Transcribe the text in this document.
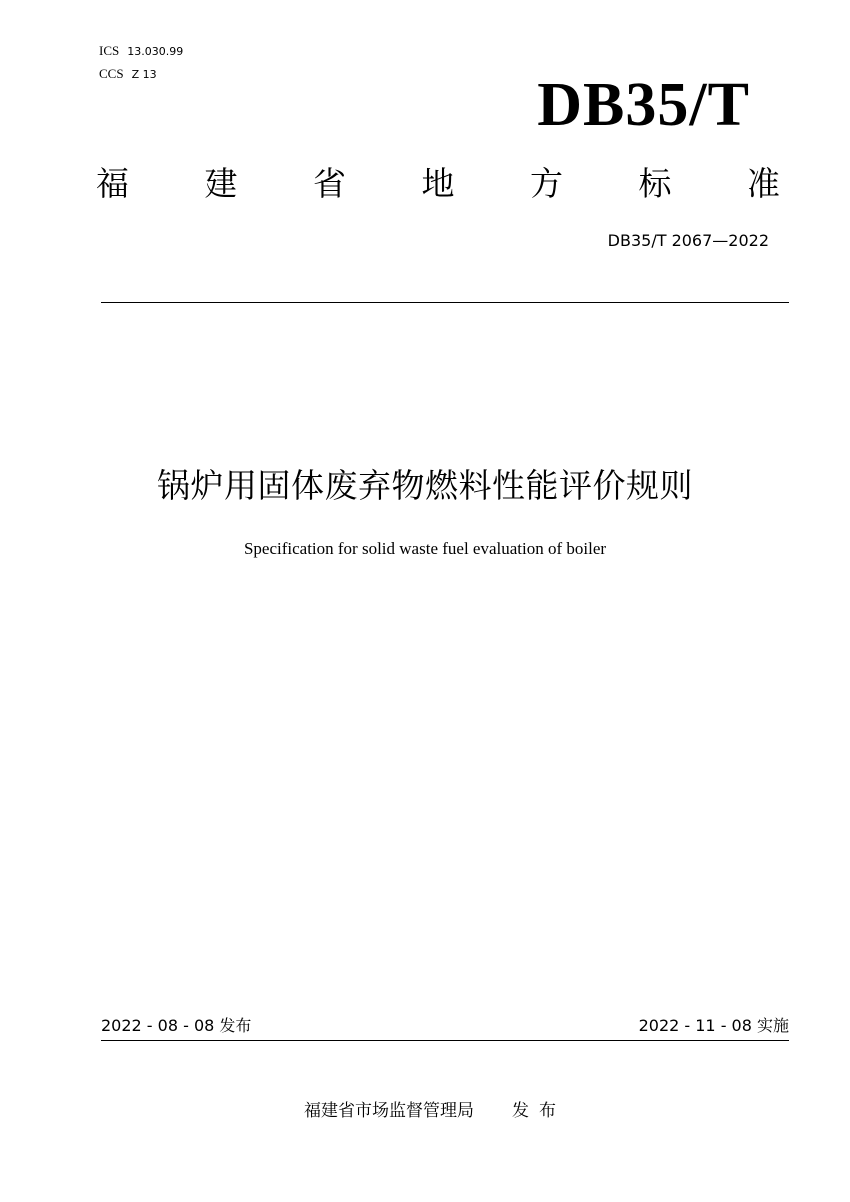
ICS 13.030.99
CCS Z 13	DB35/T
福 建 省 地 方 标 准
DB35/T 2067—2022
锅炉用固体废弃物燃料性能评价规则
Specification for solid waste fuel evaluation of boiler
2022 - 08 - 08 发布	2022 - 11 - 08 实施
福建省市场监督管理局 发布
